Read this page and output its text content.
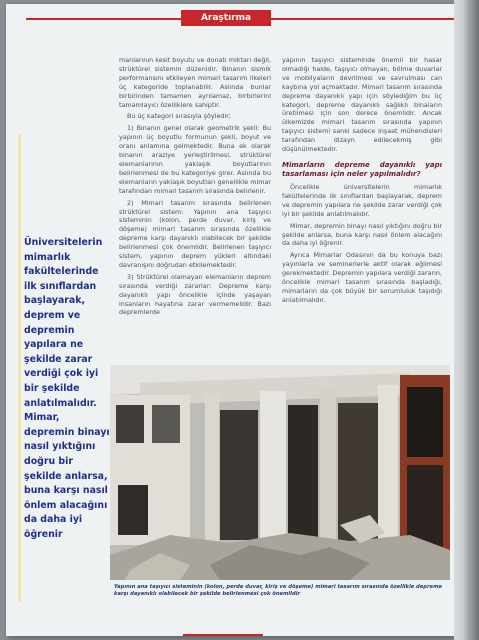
Araştırma
Üniversitelerin mimarlık fakültelerinde ilk sınıflardan başlayarak, deprem ve depremin yapılara ne şekilde zarar verdiği çok iyi bir şekilde anlatılmalıdır. Mimar, depremin binayı nasıl yıktığını doğru bir şekilde anlarsa, buna karşı nasıl önlem alacağını da daha iyi öğrenir

manlarının kesit boyutu ve donatı miktarı değil, strüktürel sistemin düzenidir. Binanın sismik performansını etkileyen mimari tasarım ilkeleri üç kategoride toplanabilir. Aslında bunlar birbirinden tamamen ayrılamaz, birbirlerini tamamlayıcı özelliklere sahiptir.

Bu üç kategori sırasıyla şöyledir;

1) Binanın genel olarak geometrik şekli: Bu yapının üç boyutlu formunun şekli, boyut ve oranı anlamına gelmektedir. Buna ek olarak binanın araziye yerleştirilmesi, strüktürel elemanlarının yaklaşık boyutlarının belirlenmesi de bu kategoriye girer. Aslında bu elemanların yaklaşık boyutları genellikle mimar tarafından mimari tasarım sırasında belirlenir.

2) Mimari tasarım sırasında belirlenen strüktürel sistem: Yapının ana taşıyıcı sisteminin (kolon, perde duvar, kiriş ve döşeme) mimari tasarım sırasında özellikle depreme karşı dayanıklı olabilecek bir şekilde belirlenmesi çok önemlidir. Belirlenen taşıyıcı sistem, yapının deprem yükleri altındaki davranışını doğrudan etkilemektedir.

3) Strüktürel olamayan elemanların deprem sırasında verdiği zararlar: Depreme karşı dayanıklı yapı öncelikle içinde yaşayan insanların hayatına zarar vermemelidir. Bazı depremlerde

yapının taşıyıcı sisteminde önemli bir hasar olmadığı halde, taşıyıcı olmayan, bölme duvarlar ve mobilyaların devrilmesi ve savrulması can kaybına yol açmaktadır. Mimari tasarım sırasında depreme dayanıklı yapı için söylediğim bu üç kategori, depreme dayanıklı sağlıklı binaların üretilmesi için son derece önemlidir. Ancak ülkemizde mimari tasarım sırasında yapının taşıyıcı sistemi sanki sadece inşaat mühendisleri tarafından dizayn edilecekmiş gibi düşünülmektedir.

Mimarların depreme dayanıklı yapı tasarlaması için neler yapılmalıdır?

Öncelikle üniversitelerin mimarlık fakültelerinde ilk sınıflardan başlayarak, deprem ve depremin yapılara ne şekilde zarar verdiği çok iyi bir şekilde anlatılmalıdır.

Mimar, depremin binayı nasıl yıktığını doğru bir şekilde anlarsa, buna karşı nasıl önlem alacağını da daha iyi öğrenir.

Ayrıca Mimarlar Odasının da bu konuya bazı yayınlarla ve seminerlerle aktif olarak eğilmesi gerekmektedir. Depremin yapılara verdiği zararın, öncelikle mimari tasarım sırasında başladığı, mimarların da çok büyük bir sorumluluk taşıdığı anlatılmalıdır.

Yapının ana taşıyıcı sisteminin (kolon, perde duvar, kiriş ve döşeme) mimari tasarım sırasında özellikle depreme karşı dayanıklı olabilecek bir şekilde belirlenmesi çok önemlidir
